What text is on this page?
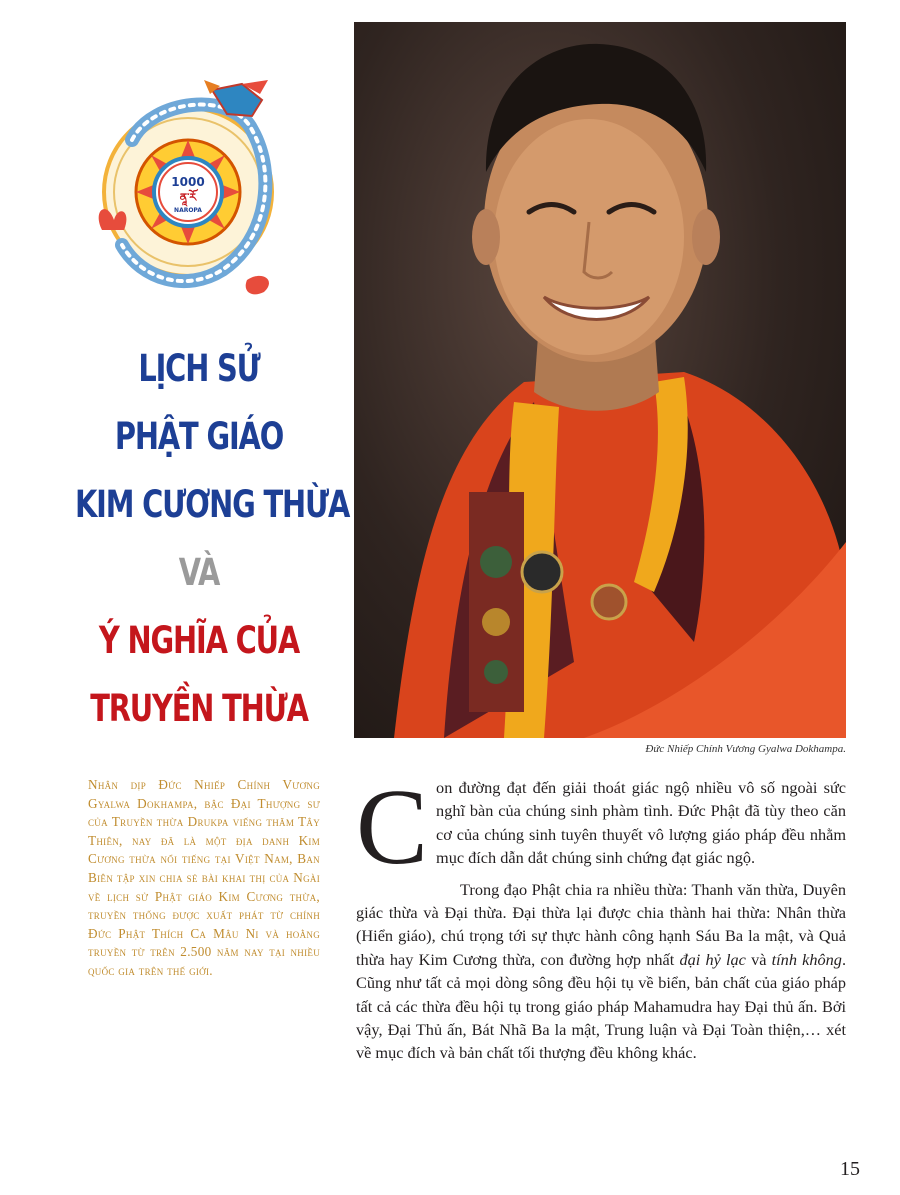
1000
ནཱ་རོ
NAROPA
LỊCH SỬ
PHẬT GIÁO
KIM CƯƠNG THỪA
VÀ
Ý NGHĨA CỦA
TRUYỀN THỪA
Đức Nhiếp Chính Vương Gyalwa Dokhampa.
Nhân dịp Đức Nhiếp Chính Vương Gyalwa Dokhampa, bậc Đại Thượng sư của Truyền thừa Drukpa viếng thăm Tây Thiên, nay đã là một địa danh Kim Cương thừa nổi tiếng tại Việt Nam, Ban Biên tập xin chia sẻ bài khai thị của Ngài về lịch sử Phật giáo Kim Cương thừa, truyền thống được xuất phát từ chính Đức Phật Thích Ca Mâu Ni và hoằng truyền từ trên 2.500 năm nay tại nhiều quốc gia trên thế giới.

Con đường đạt đến giải thoát giác ngộ nhiều vô số ngoài sức nghĩ bàn của chúng sinh phàm tình. Đức Phật đã tùy theo căn cơ của chúng sinh tuyên thuyết vô lượng giáo pháp đều nhằm mục đích dẫn dắt chúng sinh chứng đạt giác ngộ.

Trong đạo Phật chia ra nhiều thừa: Thanh văn thừa, Duyên giác thừa và Đại thừa. Đại thừa lại được chia thành hai thừa: Nhân thừa (Hiển giáo), chú trọng tới sự thực hành công hạnh Sáu Ba la mật, và Quả thừa hay Kim Cương thừa, con đường hợp nhất đại hỷ lạc và tính không. Cũng như tất cả mọi dòng sông đều hội tụ về biển, bản chất của giáo pháp tất cả các thừa đều hội tụ trong giáo pháp Mahamudra hay Đại thủ ấn. Bởi vậy, Đại Thủ ấn, Bát Nhã Ba la mật, Trung luận và Đại Toàn thiện,… xét về mục đích và bản chất tối thượng đều không khác.

15
